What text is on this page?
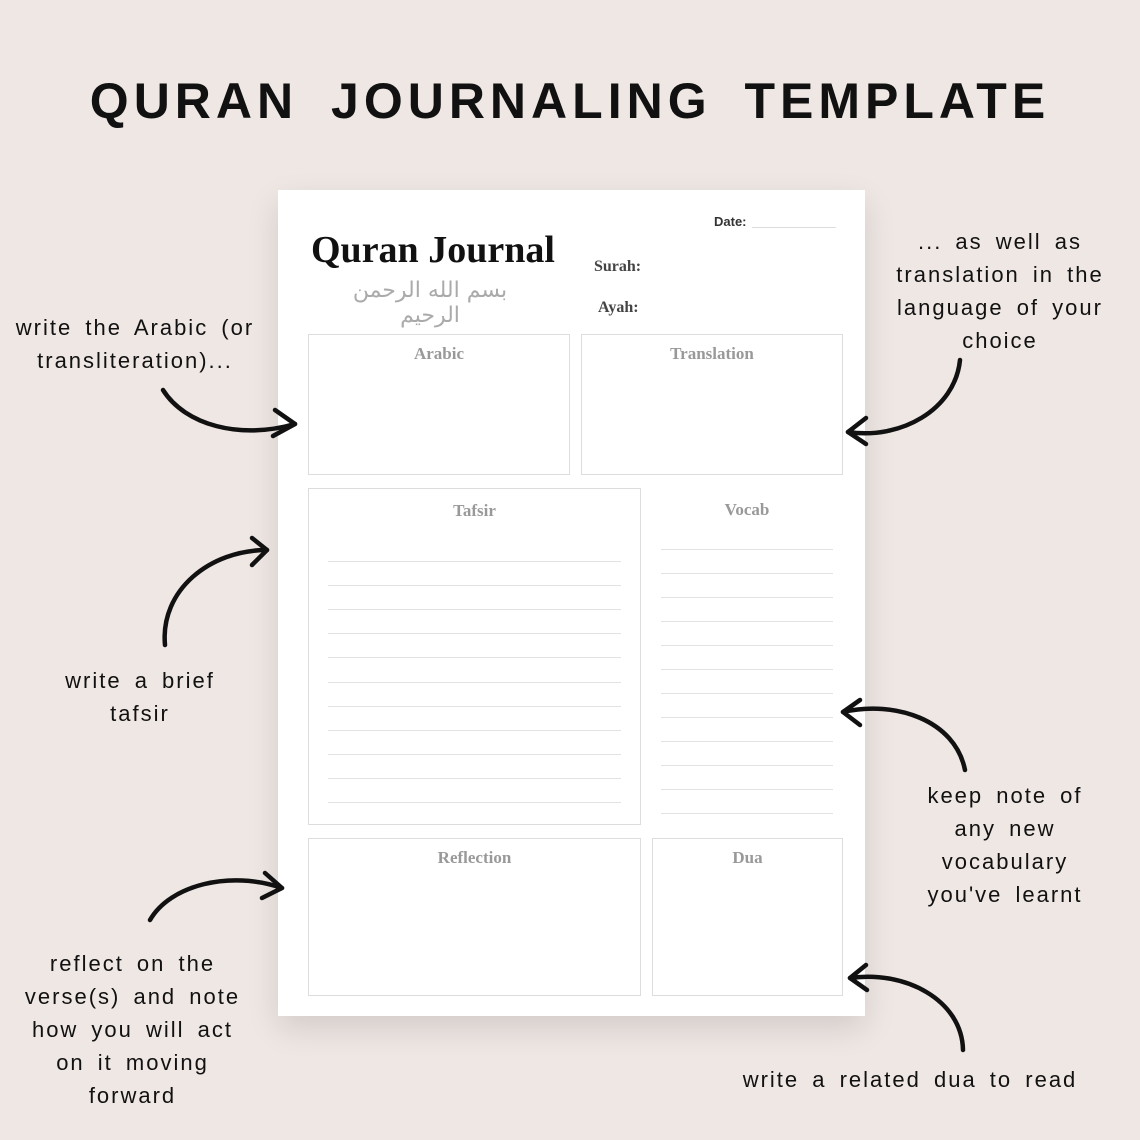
QURAN JOURNALING TEMPLATE
write the Arabic (or
transliteration)...
... as well as
translation in the
language of your
choice
write a brief
tafsir
keep note of
any new
vocabulary
you've learnt
reflect on the
verse(s) and note
how you will act
on it moving
forward
write a related dua to read
Quran Journal
بسم الله الرحمن الرحيم
Date:
Surah:
Ayah:
Arabic	Translation
Tafsir	Vocab
Reflection	Dua
